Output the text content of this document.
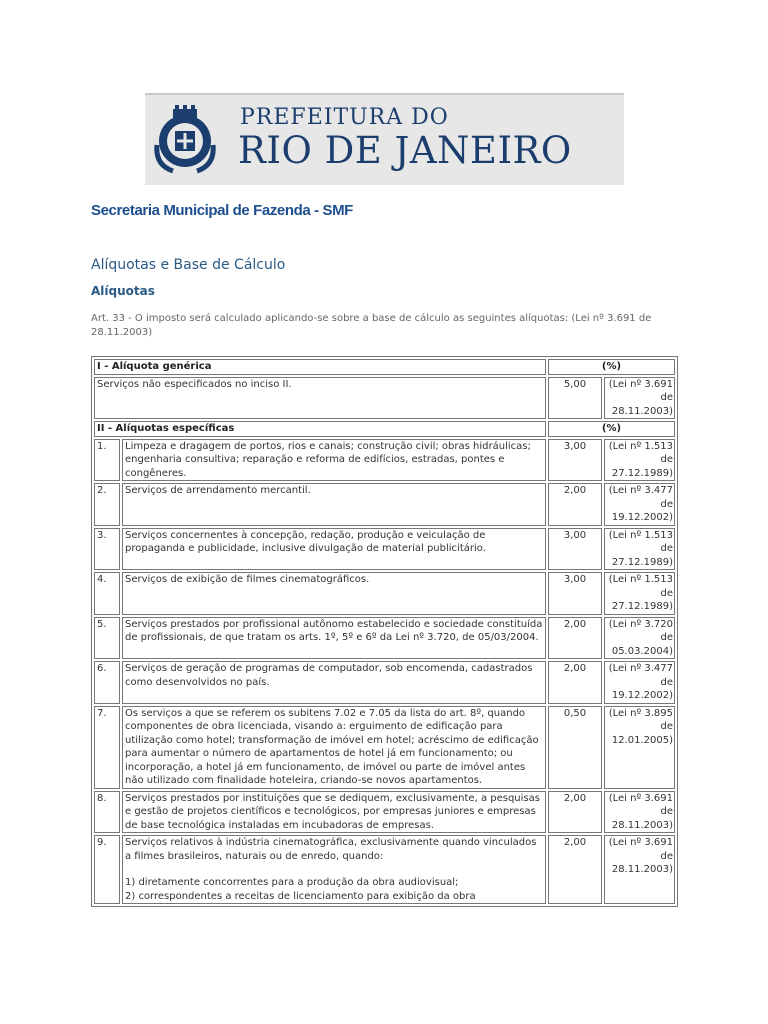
PREFEITURA DO
RIO DE JANEIRO
Secretaria Municipal de Fazenda - SMF
Alíquotas e Base de Cálculo
Alíquotas
Art. 33 - O imposto será calculado aplicando-se sobre a base de cálculo as seguintes alíquotas: (Lei nº 3.691 de 28.11.2003)
I - Alíquota genérica		(%)	
Serviços não especificados no inciso II.		5,00	(Lei nº 3.691 de 28.11.2003)
II - Alíquotas específicas		(%)	
1.	Limpeza e dragagem de portos, rios e canais; construção civil; obras hidráulicas; engenharia consultiva; reparação e reforma de edifícios, estradas, pontes e congêneres.	3,00	(Lei nº 1.513 de 27.12.1989)
2.	Serviços de arrendamento mercantil.	2,00	(Lei nº 3.477 de 19.12.2002)
3.	Serviços concernentes à concepção, redação, produção e veiculação de propaganda e publicidade, inclusive divulgação de material publicitário.	3,00	(Lei nº 1.513 de 27.12.1989)
4.	Serviços de exibição de filmes cinematográficos.	3,00	(Lei nº 1.513 de 27.12.1989)
5.	Serviços prestados por profissional autônomo estabelecido e sociedade constituída de profissionais, de que tratam os arts. 1º, 5º e 6º da Lei nº 3.720, de 05/03/2004.	2,00	(Lei nº 3.720 de 05.03.2004)
6.	Serviços de geração de programas de computador, sob encomenda, cadastrados como desenvolvidos no país.	2,00	(Lei nº 3.477 de 19.12.2002)
7.	Os serviços a que se referem os subitens 7.02 e 7.05 da lista do art. 8º, quando componentes de obra licenciada, visando a: erguimento de edificação para utilização como hotel; transformação de imóvel em hotel; acréscimo de edificação para aumentar o número de apartamentos de hotel já em funcionamento; ou incorporação, a hotel já em funcionamento, de imóvel ou parte de imóvel antes não utilizado com finalidade hoteleira, criando-se novos apartamentos.	0,50	(Lei nº 3.895 de 12.01.2005)
8.	Serviços prestados por instituições que se dediquem, exclusivamente, a pesquisas e gestão de projetos científicos e tecnológicos, por empresas juniores e empresas de base tecnológica instaladas em incubadoras de empresas.	2,00	(Lei nº 3.691 de 28.11.2003)
9.	Serviços relativos à indústria cinematográfica, exclusivamente quando vinculados a filmes brasileiros, naturais ou de enredo, quando:
1) diretamente concorrentes para a produção da obra audiovisual;
2) correspondentes a receitas de licenciamento para exibição da obra	2,00	(Lei nº 3.691 de 28.11.2003)
